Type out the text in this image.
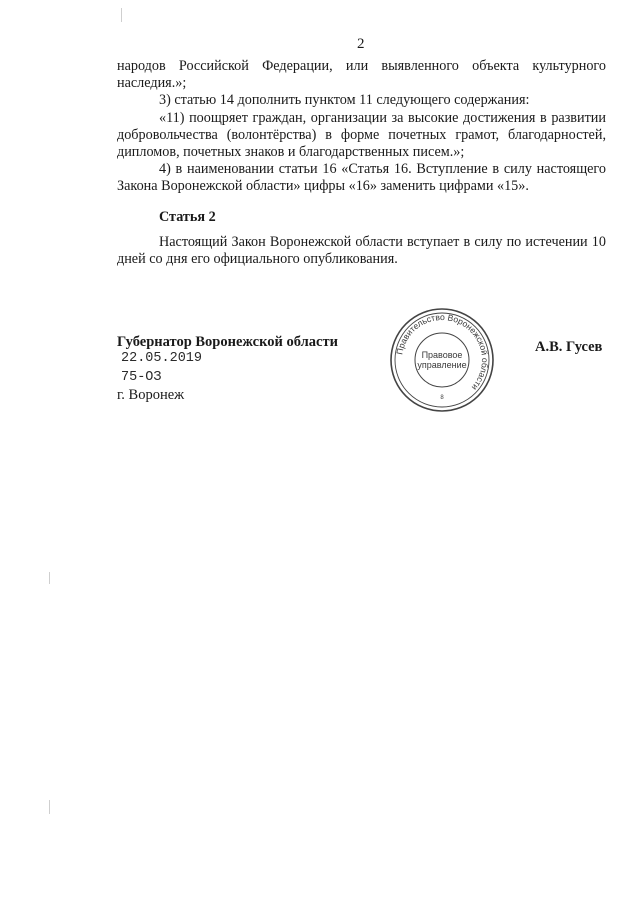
2

народов Российской Федерации, или выявленного объекта культурного наследия.»;

3) статью 14 дополнить пунктом 11 следующего содержания:

«11) поощряет граждан, организации за высокие достижения в развитии добровольчества (волонтёрства) в форме почетных грамот, благодарностей, дипломов, почетных знаков и благодарственных писем.»;

4) в наименовании статьи 16 «Статья 16. Вступление в силу настоящего Закона Воронежской области» цифры «16» заменить цифрами «15».

Статья 2

Настоящий Закон Воронежской области вступает в силу по истечении 10 дней со дня его официального опубликования.

Губернатор Воронежской области	А.В. Гусев
22.05.2019
75-ОЗ
г. Воронеж
Правительство Воронежской области
Правовое
управление
8
